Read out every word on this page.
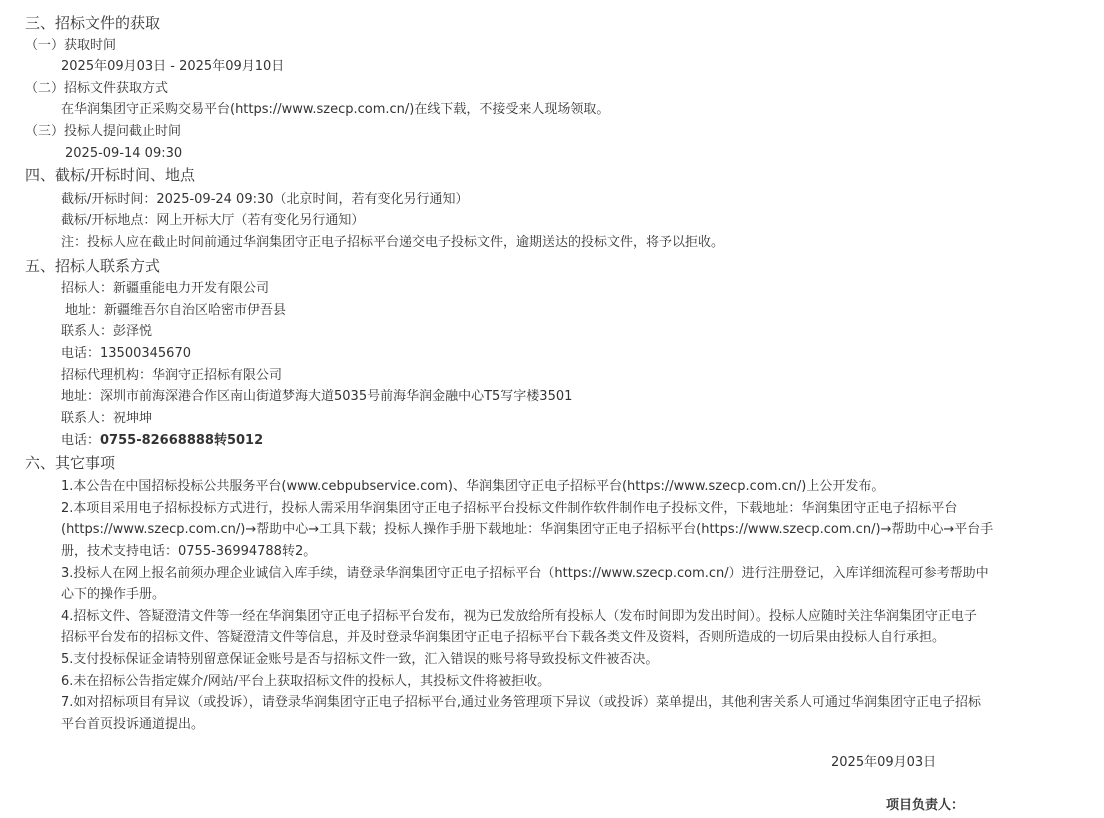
三、招标文件的获取
（一）获取时间
2025年09月03日 - 2025年09月10日
（二）招标文件获取方式
在华润集团守正采购交易平台(https://www.szecp.com.cn/)在线下载，不接受来人现场领取。
（三）投标人提问截止时间
2025-09-14 09:30
四、截标/开标时间、地点
截标/开标时间：2025-09-24 09:30（北京时间，若有变化另行通知）
截标/开标地点：网上开标大厅（若有变化另行通知）
注：投标人应在截止时间前通过华润集团守正电子招标平台递交电子投标文件，逾期送达的投标文件，将予以拒收。
五、招标人联系方式
招标人：新疆重能电力开发有限公司
地址：新疆维吾尔自治区哈密市伊吾县
联系人：彭泽悦
电话：13500345670
招标代理机构：华润守正招标有限公司
地址：深圳市前海深港合作区南山街道梦海大道5035号前海华润金融中心T5写字楼3501
联系人：祝坤坤
电话：0755-82668888转5012
六、其它事项
1.本公告在中国招标投标公共服务平台(www.cebpubservice.com)、华润集团守正电子招标平台(https://www.szecp.com.cn/)上公开发布。
2.本项目采用电子招标投标方式进行，投标人需采用华润集团守正电子招标平台投标文件制作软件制作电子投标文件，下载地址：华润集团守正电子招标平台
(https://www.szecp.com.cn/)→帮助中心→工具下载；投标人操作手册下载地址：华润集团守正电子招标平台(https://www.szecp.com.cn/)→帮助中心→平台手
册，技术支持电话：0755-36994788转2。
3.投标人在网上报名前须办理企业诚信入库手续，请登录华润集团守正电子招标平台（https://www.szecp.com.cn/）进行注册登记，入库详细流程可参考帮助中
心下的操作手册。
4.招标文件、答疑澄清文件等一经在华润集团守正电子招标平台发布，视为已发放给所有投标人（发布时间即为发出时间）。投标人应随时关注华润集团守正电子
招标平台发布的招标文件、答疑澄清文件等信息，并及时登录华润集团守正电子招标平台下载各类文件及资料，否则所造成的一切后果由投标人自行承担。
5.支付投标保证金请特别留意保证金账号是否与招标文件一致，汇入错误的账号将导致投标文件被否决。
6.未在招标公告指定媒介/网站/平台上获取招标文件的投标人，其投标文件将被拒收。
7.如对招标项目有异议（或投诉），请登录华润集团守正电子招标平台,通过业务管理项下异议（或投诉）菜单提出，其他利害关系人可通过华润集团守正电子招标
平台首页投诉通道提出。
2025年09月03日
项目负责人：
